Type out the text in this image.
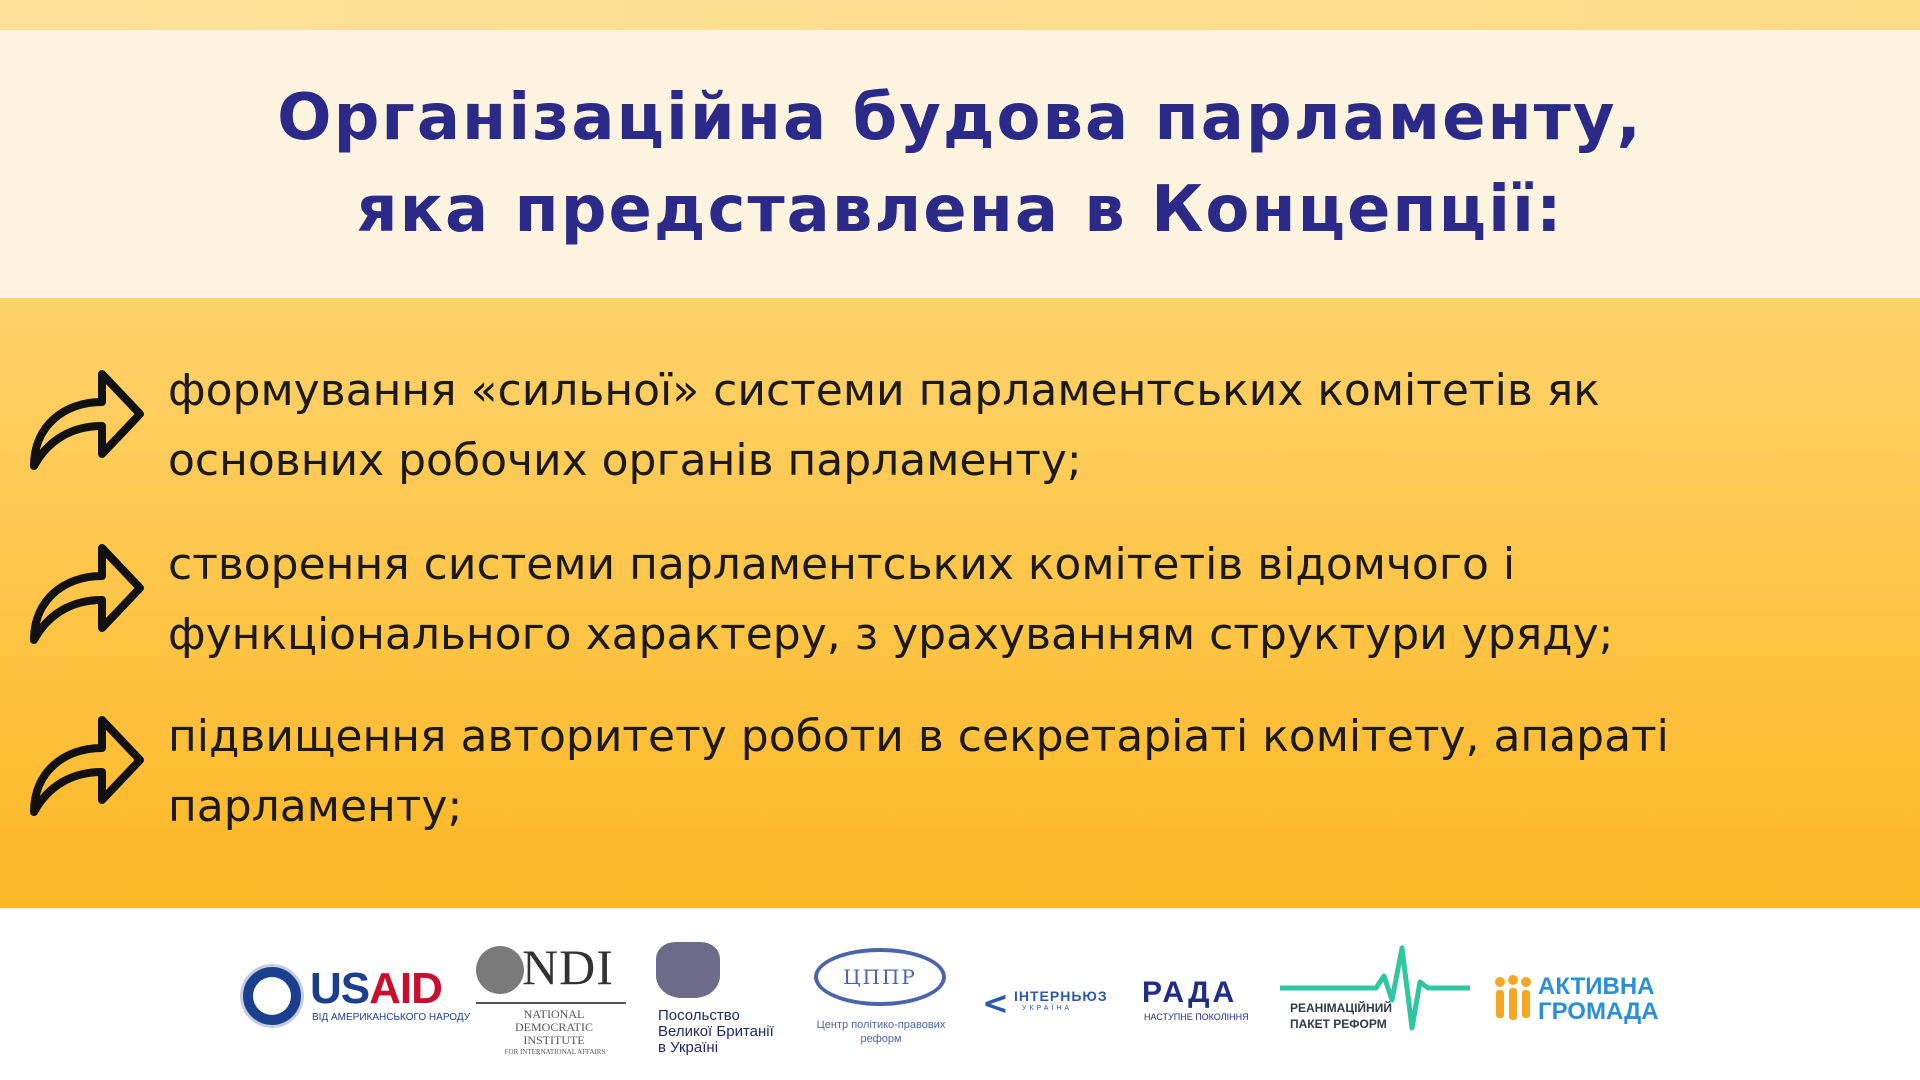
Організаційна будова парламенту,
яка представлена в Концепції:
формування «сильної» системи парламентських комітетів як
основних робочих органів парламенту;
створення системи парламентських комітетів відомчого і
функціонального характеру, з урахуванням структури уряду;
підвищення авторитету роботи в секретаріаті комітету, апараті
парламенту;
USAID
ВІД АМЕРИКАНСЬКОГО НАРОДУ
NDI
NATIONAL
DEMOCRATIC
INSTITUTE
FOR INTERNATIONAL AFFAIRS
Посольство
Великої Британії
в Україні
ЦППР
Центр політико-правових
реформ
< ІНТЕРНЬЮЗ
УКРАЇНА РАДА
НАСТУПНЕ ПОКОЛІННЯ
РЕАНІМАЦІЙНИЙ
ПАКЕТ РЕФОРМ
АКТИВНА
ГРОМАДА
